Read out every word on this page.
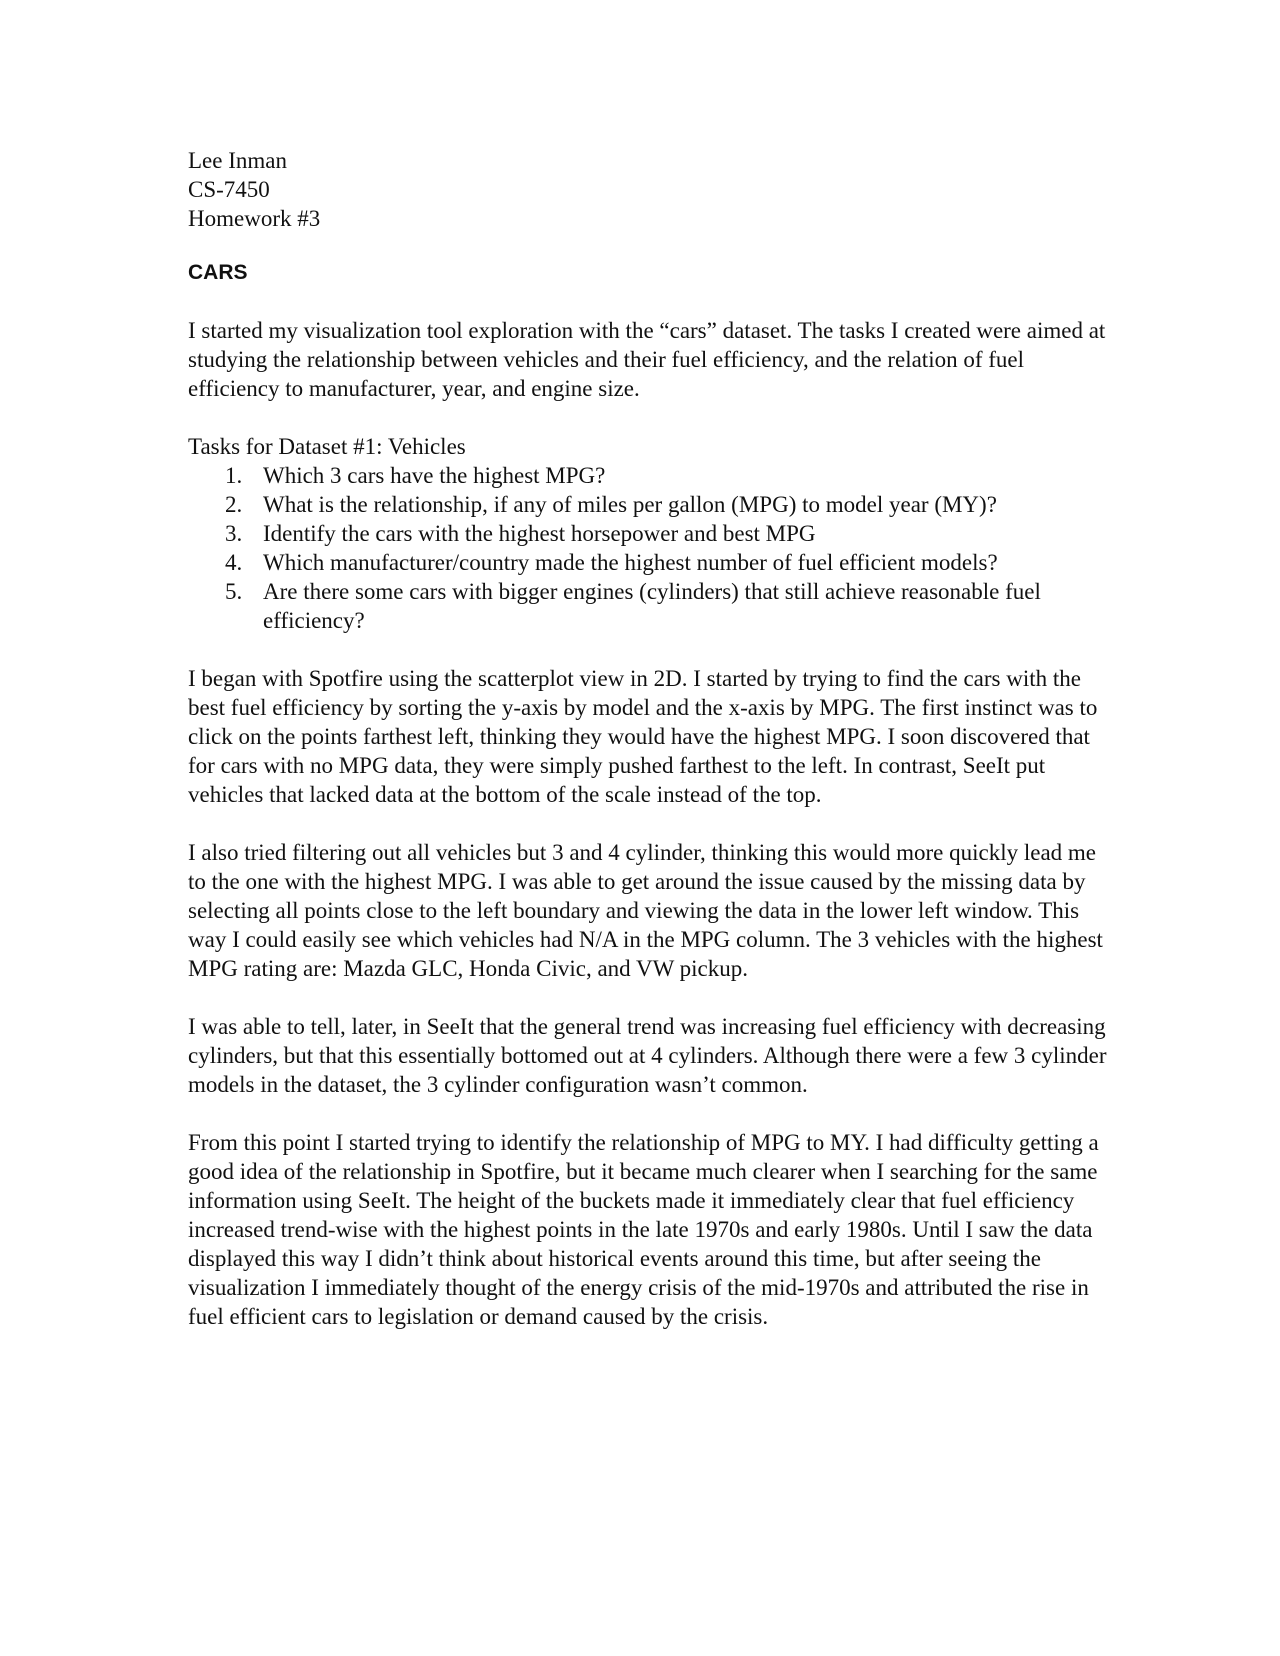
Lee Inman
CS-7450
Homework #3
CARS

I started my visualization tool exploration with the “cars” dataset. The tasks I created were aimed at studying the relationship between vehicles and their fuel efficiency, and the relation of fuel efficiency to manufacturer, year, and engine size.

Tasks for Dataset #1: Vehicles

1. Which 3 cars have the highest MPG?
2. What is the relationship, if any of miles per gallon (MPG) to model year (MY)?
3. Identify the cars with the highest horsepower and best MPG
4. Which manufacturer/country made the highest number of fuel efficient models?
5. Are there some cars with bigger engines (cylinders) that still achieve reasonable fuel efficiency?

I began with Spotfire using the scatterplot view in 2D. I started by trying to find the cars with the best fuel efficiency by sorting the y-axis by model and the x-axis by MPG. The first instinct was to click on the points farthest left, thinking they would have the highest MPG. I soon discovered that for cars with no MPG data, they were simply pushed farthest to the left. In contrast, SeeIt put vehicles that lacked data at the bottom of the scale instead of the top.

I also tried filtering out all vehicles but 3 and 4 cylinder, thinking this would more quickly lead me to the one with the highest MPG. I was able to get around the issue caused by the missing data by selecting all points close to the left boundary and viewing the data in the lower left window. This way I could easily see which vehicles had N/A in the MPG column. The 3 vehicles with the highest MPG rating are: Mazda GLC, Honda Civic, and VW pickup.

I was able to tell, later, in SeeIt that the general trend was increasing fuel efficiency with decreasing cylinders, but that this essentially bottomed out at 4 cylinders. Although there were a few 3 cylinder models in the dataset, the 3 cylinder configuration wasn’t common.

From this point I started trying to identify the relationship of MPG to MY. I had difficulty getting a good idea of the relationship in Spotfire, but it became much clearer when I searching for the same information using SeeIt. The height of the buckets made it immediately clear that fuel efficiency increased trend-wise with the highest points in the late 1970s and early 1980s. Until I saw the data displayed this way I didn’t think about historical events around this time, but after seeing the visualization I immediately thought of the energy crisis of the mid-1970s and attributed the rise in fuel efficient cars to legislation or demand caused by the crisis.
